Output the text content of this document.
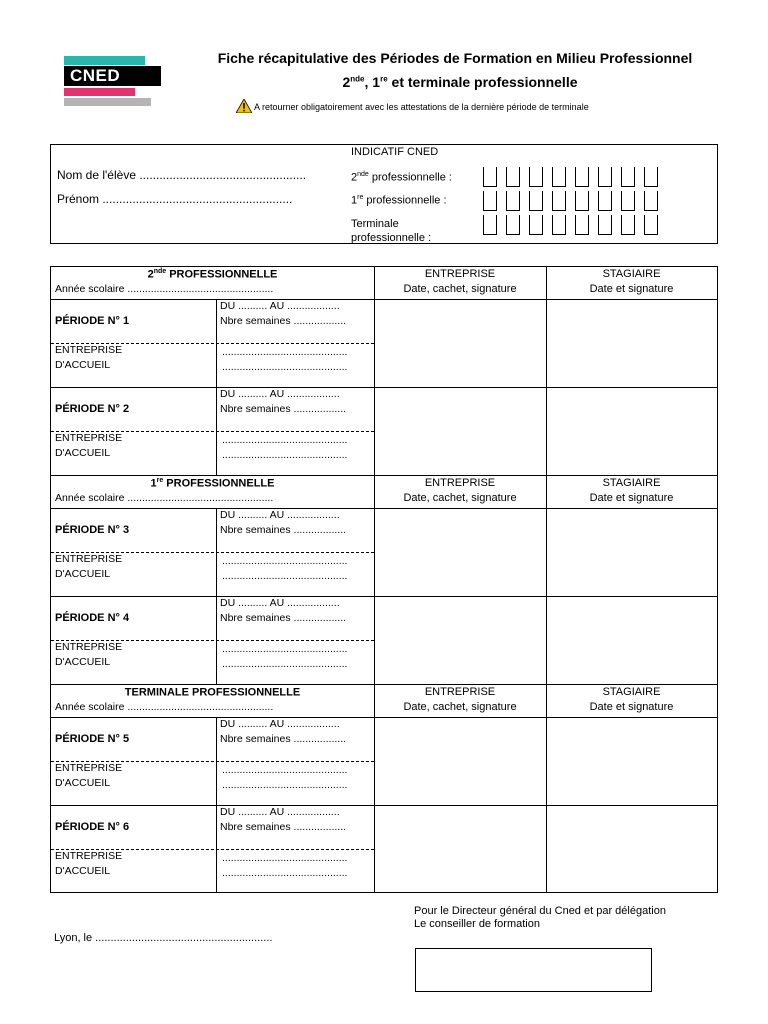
CNED
Fiche récapitulative des Périodes de Formation en Milieu Professionnel
2nde, 1re et terminale professionnelle
A retourner obligatoirement avec les attestations de la dernière période de terminale
Nom de l'élève ..................................................
Prénom .........................................................
INDICATIF CNED
2nde professionnelle :
1re professionnelle :
Terminale
professionnelle :
2nde PROFESSIONNELLE
Année scolaire ..................................................
ENTREPRISE
Date, cachet, signature
STAGIAIRE
Date et signature
PÉRIODE N° 1
DU .......... AU ..................
Nbre semaines ..................
ENTREPRISE
D'ACCUEIL
...........................................
...........................................
PÉRIODE N° 2
DU .......... AU ..................
Nbre semaines ..................
ENTREPRISE
D'ACCUEIL
...........................................
...........................................
1re PROFESSIONNELLE
Année scolaire ..................................................
ENTREPRISE
Date, cachet, signature
STAGIAIRE
Date et signature
PÉRIODE N° 3
DU .......... AU ..................
Nbre semaines ..................
ENTREPRISE
D'ACCUEIL
...........................................
...........................................
PÉRIODE N° 4
DU .......... AU ..................
Nbre semaines ..................
ENTREPRISE
D'ACCUEIL
...........................................
...........................................
TERMINALE PROFESSIONNELLE
Année scolaire ..................................................
ENTREPRISE
Date, cachet, signature
STAGIAIRE
Date et signature
PÉRIODE N° 5
DU .......... AU ..................
Nbre semaines ..................
ENTREPRISE
D'ACCUEIL
...........................................
...........................................
PÉRIODE N° 6
DU .......... AU ..................
Nbre semaines ..................
ENTREPRISE
D'ACCUEIL
...........................................
...........................................
Pour le Directeur général du Cned et par délégation
Le conseiller de formation
Lyon, le ..........................................................
